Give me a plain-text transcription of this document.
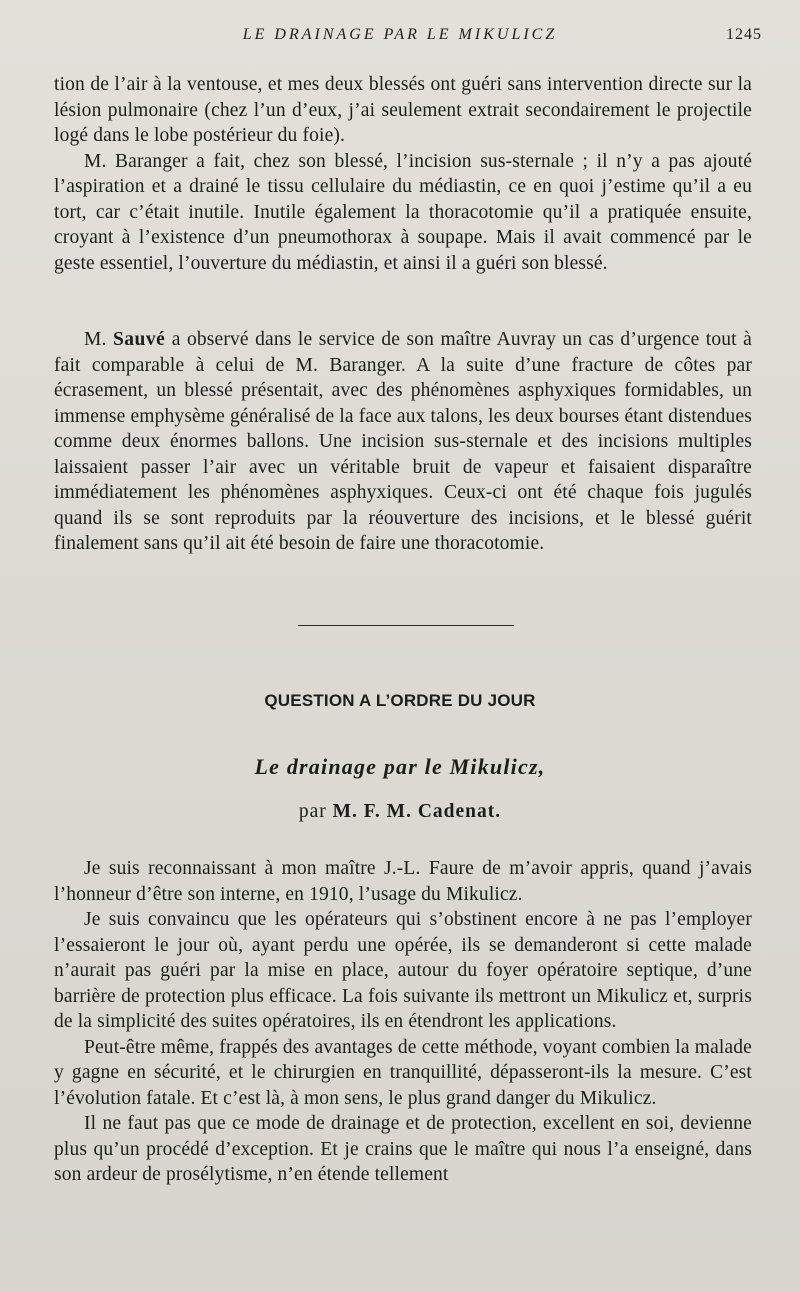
LE DRAINAGE PAR LE MIKULICZ	1245

tion de l’air à la ventouse, et mes deux blessés ont guéri sans intervention directe sur la lésion pulmonaire (chez l’un d’eux, j’ai seulement extrait secondairement le projectile logé dans le lobe postérieur du foie).

M. Baranger a fait, chez son blessé, l’incision sus-sternale ; il n’y a pas ajouté l’aspiration et a drainé le tissu cellulaire du médiastin, ce en quoi j’estime qu’il a eu tort, car c’était inutile. Inutile également la thoracotomie qu’il a pratiquée ensuite, croyant à l’existence d’un pneumothorax à soupape. Mais il avait commencé par le geste essentiel, l’ouverture du médiastin, et ainsi il a guéri son blessé.

M. Sauvé a observé dans le service de son maître Auvray un cas d’urgence tout à fait comparable à celui de M. Baranger. A la suite d’une fracture de côtes par écrasement, un blessé présentait, avec des phénomènes asphyxiques formidables, un immense emphysème généralisé de la face aux talons, les deux bourses étant distendues comme deux énormes ballons. Une incision sus-sternale et des incisions multiples laissaient passer l’air avec un véritable bruit de vapeur et faisaient disparaître immédiatement les phénomènes asphyxiques. Ceux-ci ont été chaque fois jugulés quand ils se sont reproduits par la réouverture des incisions, et le blessé guérit finalement sans qu’il ait été besoin de faire une thoracotomie.

QUESTION A L’ORDRE DU JOUR
Le drainage par le Mikulicz,
par M. F. M. Cadenat.

Je suis reconnaissant à mon maître J.-L. Faure de m’avoir appris, quand j’avais l’honneur d’être son interne, en 1910, l’usage du Mikulicz.

Je suis convaincu que les opérateurs qui s’obstinent encore à ne pas l’employer l’essaieront le jour où, ayant perdu une opérée, ils se demanderont si cette malade n’aurait pas guéri par la mise en place, autour du foyer opératoire septique, d’une barrière de protection plus efficace. La fois suivante ils mettront un Mikulicz et, surpris de la simplicité des suites opératoires, ils en étendront les applications.

Peut-être même, frappés des avantages de cette méthode, voyant combien la malade y gagne en sécurité, et le chirurgien en tranquillité, dépasseront-ils la mesure. C’est l’évolution fatale. Et c’est là, à mon sens, le plus grand danger du Mikulicz.

Il ne faut pas que ce mode de drainage et de protection, excellent en soi, devienne plus qu’un procédé d’exception. Et je crains que le maître qui nous l’a enseigné, dans son ardeur de prosélytisme, n’en étende tellement
